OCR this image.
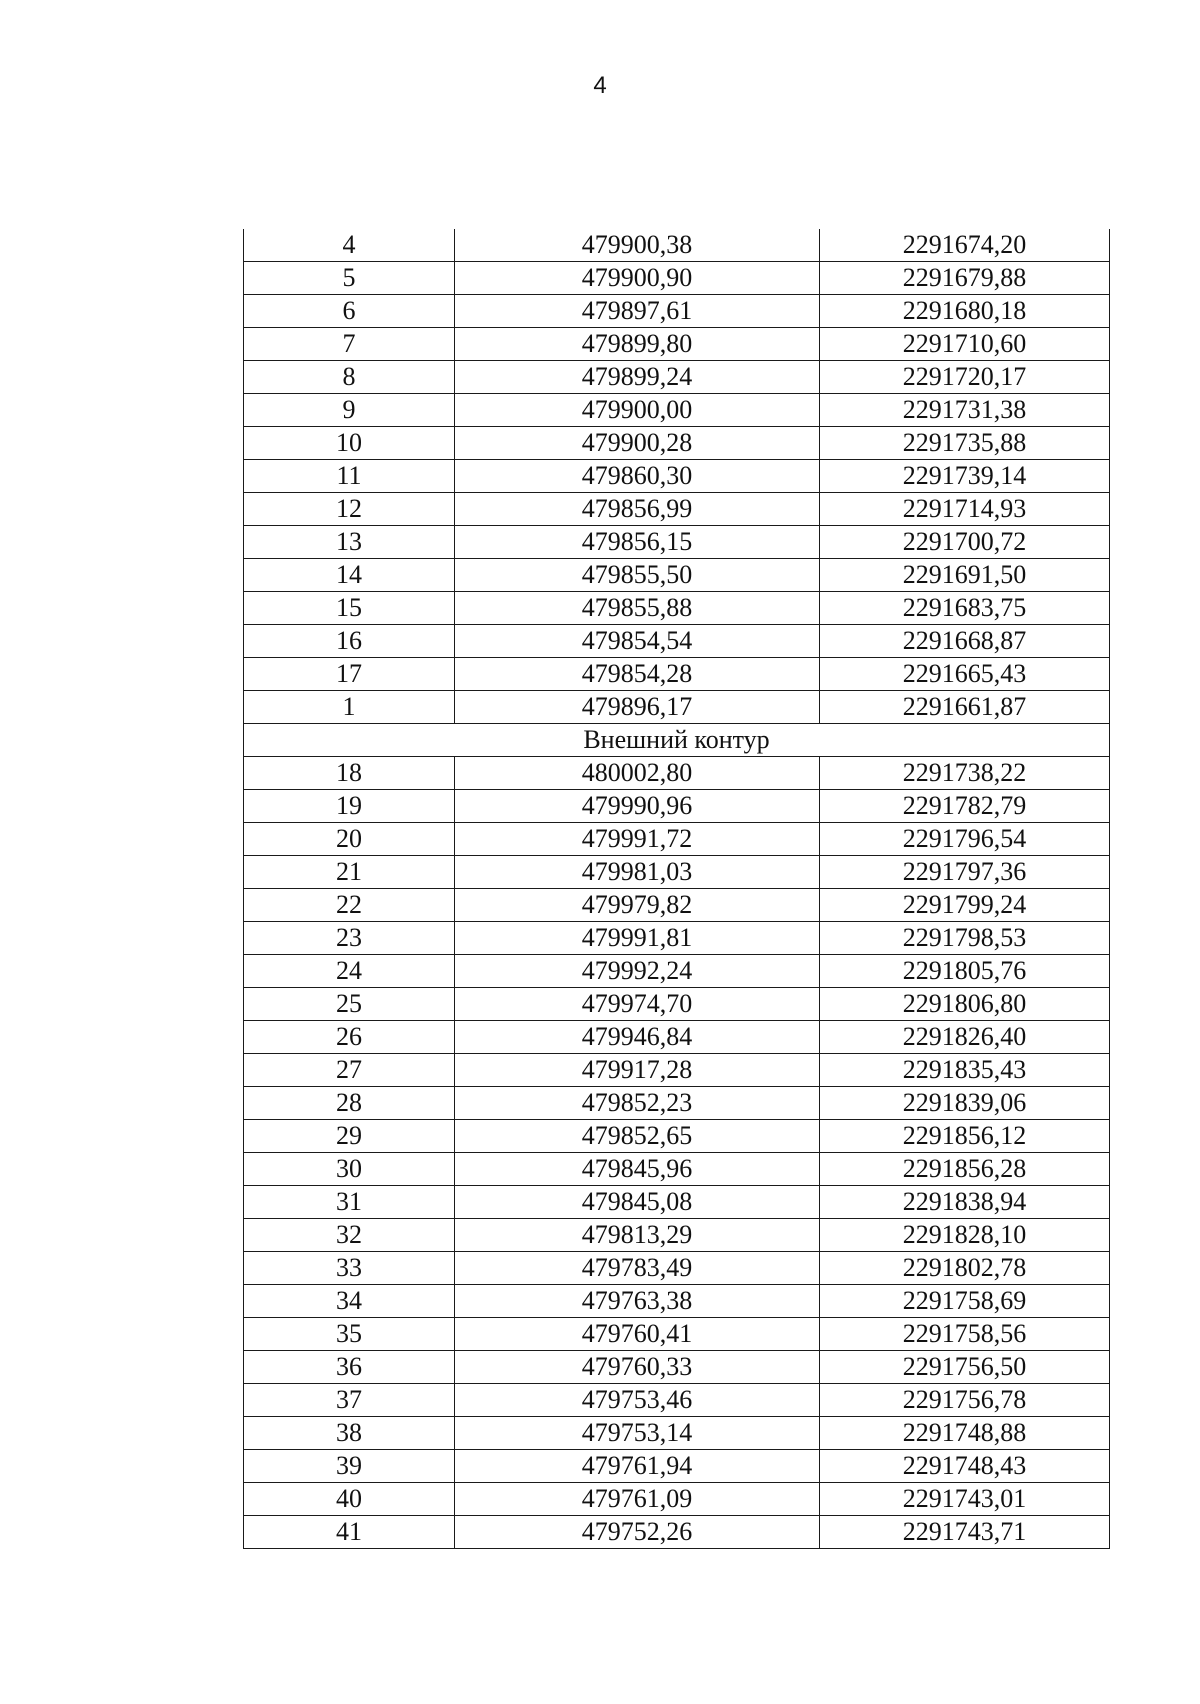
4
4	479900,38	2291674,20
5	479900,90	2291679,88
6	479897,61	2291680,18
7	479899,80	2291710,60
8	479899,24	2291720,17
9	479900,00	2291731,38
10	479900,28	2291735,88
11	479860,30	2291739,14
12	479856,99	2291714,93
13	479856,15	2291700,72
14	479855,50	2291691,50
15	479855,88	2291683,75
16	479854,54	2291668,87
17	479854,28	2291665,43
1	479896,17	2291661,87
Внешний контур		
18	480002,80	2291738,22
19	479990,96	2291782,79
20	479991,72	2291796,54
21	479981,03	2291797,36
22	479979,82	2291799,24
23	479991,81	2291798,53
24	479992,24	2291805,76
25	479974,70	2291806,80
26	479946,84	2291826,40
27	479917,28	2291835,43
28	479852,23	2291839,06
29	479852,65	2291856,12
30	479845,96	2291856,28
31	479845,08	2291838,94
32	479813,29	2291828,10
33	479783,49	2291802,78
34	479763,38	2291758,69
35	479760,41	2291758,56
36	479760,33	2291756,50
37	479753,46	2291756,78
38	479753,14	2291748,88
39	479761,94	2291748,43
40	479761,09	2291743,01
41	479752,26	2291743,71
